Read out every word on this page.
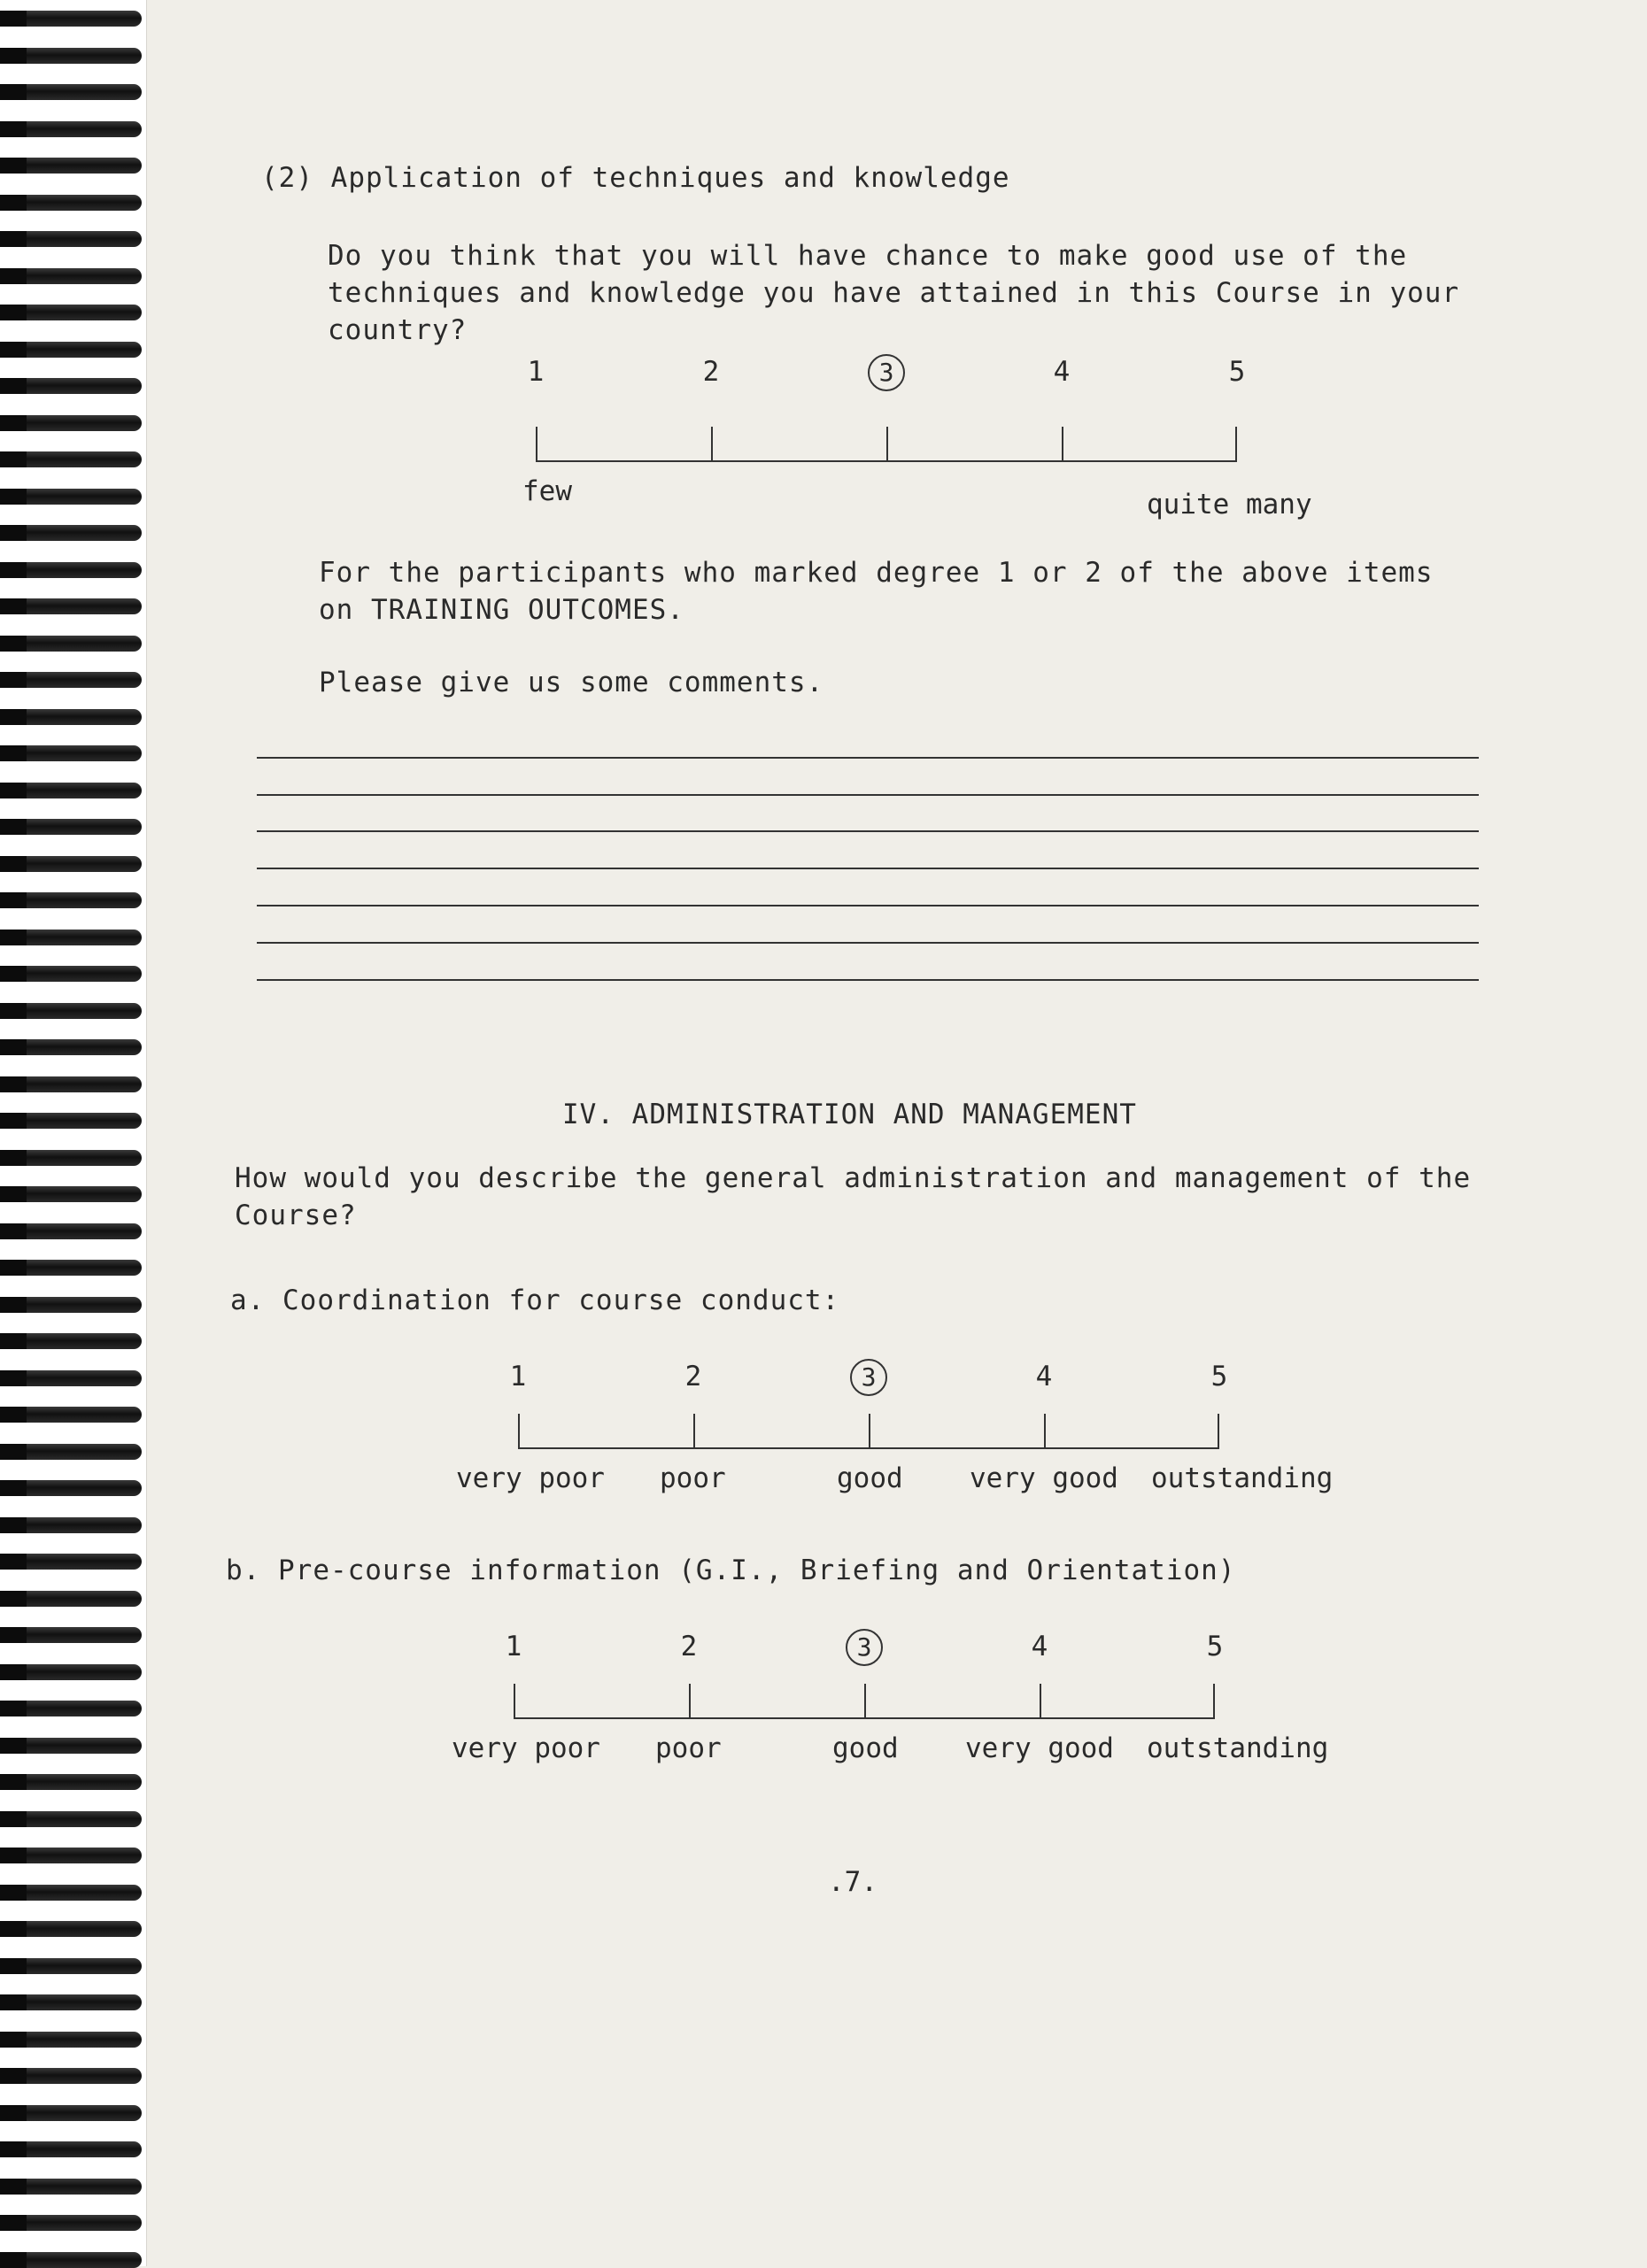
(2) Application of techniques and knowledge
Do you think that you will have chance to make good use of the
techniques and knowledge you have attained in this Course in your
country?
1	2	3	4	5
few	quite many
For the participants who marked degree 1 or 2 of the above items
on TRAINING OUTCOMES.
Please give us some comments.
IV. ADMINISTRATION AND MANAGEMENT
How would you describe the general administration and management of the
Course?
a. Coordination for course conduct:
1	2	3	4	5
very poor poor	good very good outstanding
b. Pre-course information (G.I., Briefing and Orientation)
1	2	3	4	5
very poor poor	good very good outstanding
.7.
